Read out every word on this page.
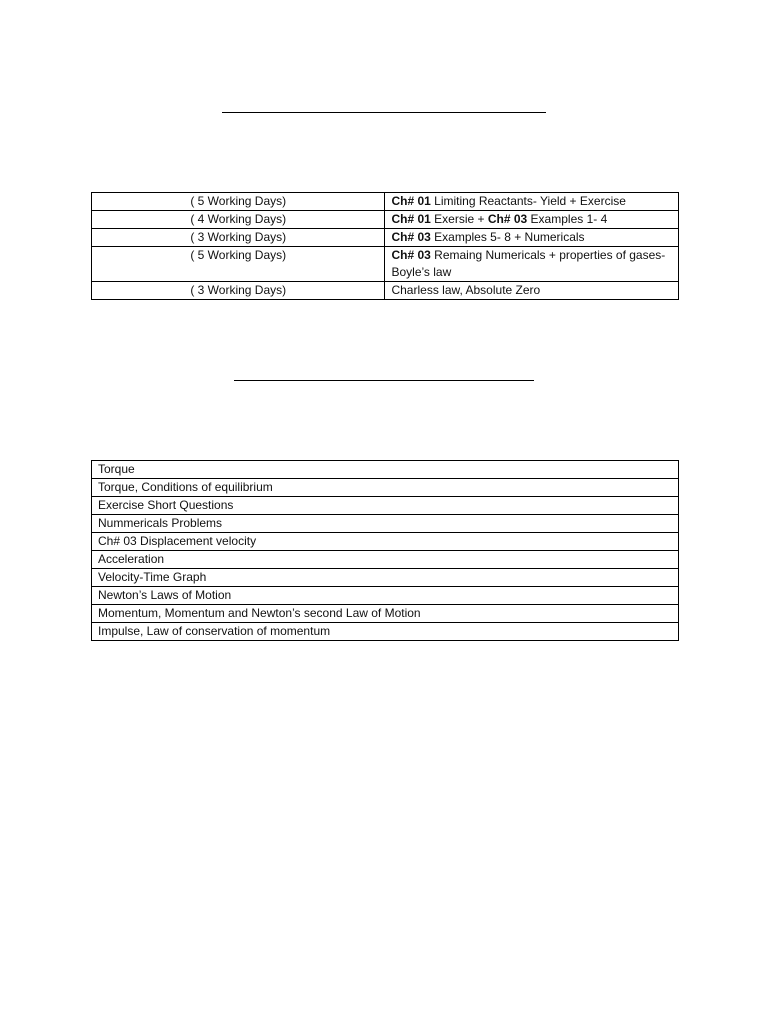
( 5 Working Days)	Ch# 01 Limiting Reactants- Yield + Exercise
( 4 Working Days)	Ch# 01 Exersie + Ch# 03 Examples 1- 4
( 3 Working Days)	Ch# 03 Examples 5- 8 + Numericals
( 5 Working Days)	Ch# 03 Remaing Numericals + properties of gases- Boyle’s law
( 3 Working Days)	Charless law, Absolute Zero
Torque
Torque, Conditions of equilibrium
Exercise Short Questions
Nummericals Problems
Ch# 03 Displacement velocity
Acceleration
Velocity-Time Graph
Newton’s Laws of Motion
Momentum, Momentum and Newton’s second Law of Motion
Impulse, Law of conservation of momentum
